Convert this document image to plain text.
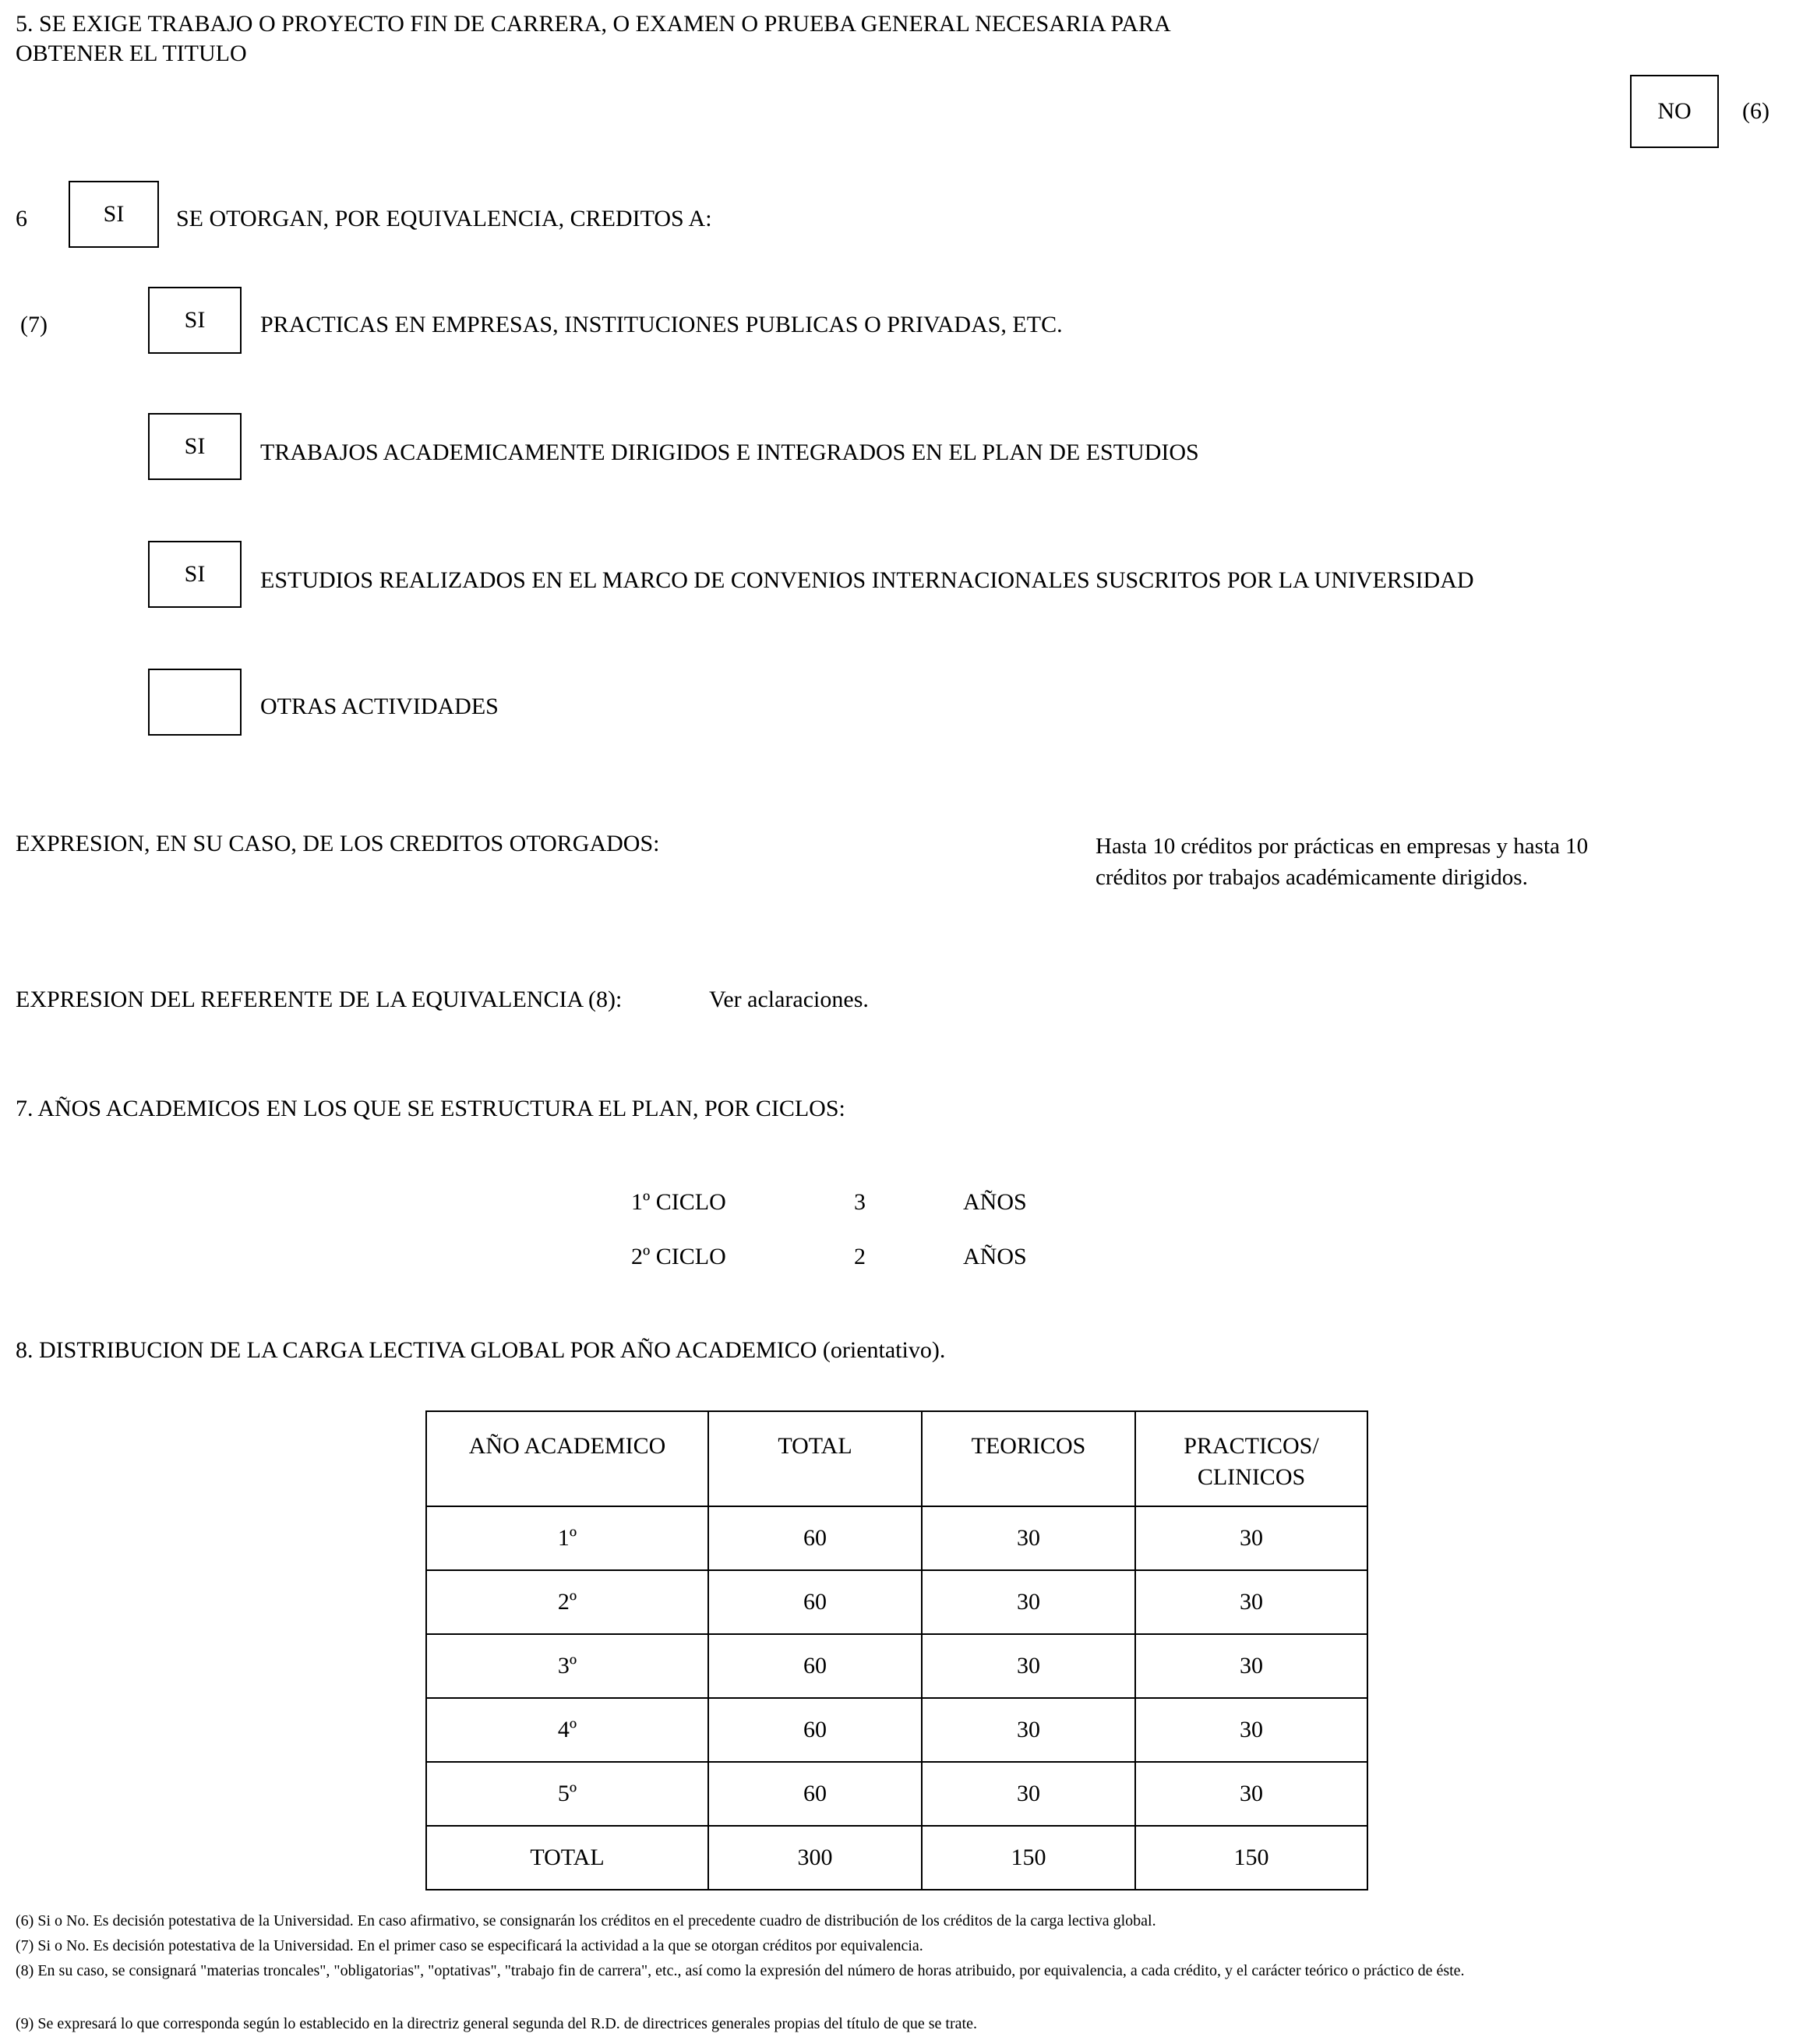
5. SE EXIGE TRABAJO O PROYECTO FIN DE CARRERA, O EXAMEN O PRUEBA GENERAL NECESARIA PARA
OBTENER EL TITULO
NO	(6)
6	SI	SE OTORGAN, POR EQUIVALENCIA, CREDITOS A:
(7)	SI	PRACTICAS EN EMPRESAS, INSTITUCIONES PUBLICAS O PRIVADAS, ETC.
SI	TRABAJOS ACADEMICAMENTE DIRIGIDOS E INTEGRADOS EN EL PLAN DE ESTUDIOS
SI	ESTUDIOS REALIZADOS EN EL MARCO DE CONVENIOS INTERNACIONALES SUSCRITOS POR LA UNIVERSIDAD
OTRAS ACTIVIDADES
EXPRESION, EN SU CASO, DE LOS CREDITOS OTORGADOS:	Hasta 10 créditos por prácticas en empresas y hasta 10 créditos por trabajos académicamente dirigidos.
EXPRESION DEL REFERENTE DE LA EQUIVALENCIA (8):	Ver aclaraciones.
7. AÑOS ACADEMICOS EN LOS QUE SE ESTRUCTURA EL PLAN, POR CICLOS:
1º CICLO	3	AÑOS
2º CICLO	2	AÑOS
8. DISTRIBUCION DE LA CARGA LECTIVA GLOBAL POR AÑO ACADEMICO (orientativo).
AÑO ACADEMICO	TOTAL	TEORICOS	PRACTICOS/ CLINICOS
1º	60	30	30
2º	60	30	30
3º	60	30	30
4º	60	30	30
5º	60	30	30
TOTAL	300	150	150
(6) Si o No. Es decisión potestativa de la Universidad. En caso afirmativo, se consignarán los créditos en el precedente cuadro de distribución de los créditos de la carga lectiva global.
(7) Si o No. Es decisión potestativa de la Universidad. En el primer caso se especificará la actividad a la que se otorgan créditos por equivalencia.
(8) En su caso, se consignará "materias troncales", "obligatorias", "optativas", "trabajo fin de carrera", etc., así como la expresión del número de horas atribuido, por equivalencia, a cada crédito, y el carácter teórico o práctico de éste.
(9) Se expresará lo que corresponda según lo establecido en la directriz general segunda del R.D. de directrices generales propias del título de que se trate.
